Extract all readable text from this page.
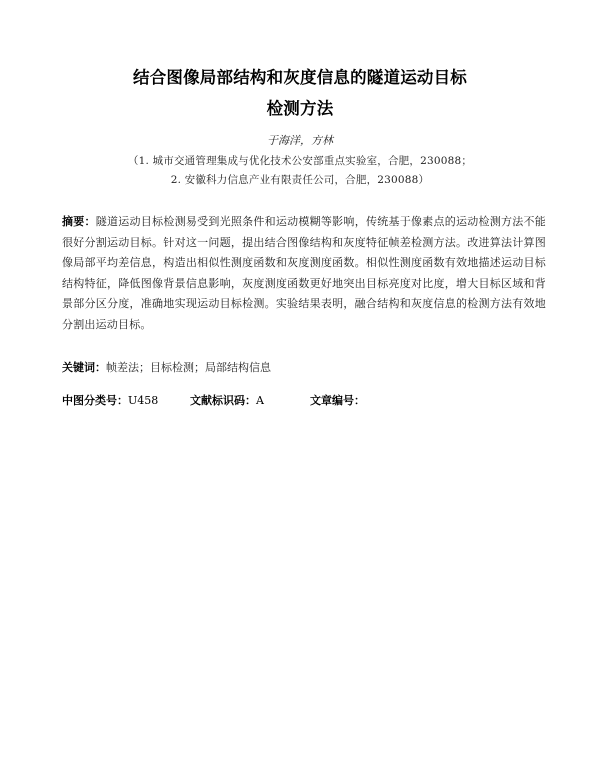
结合图像局部结构和灰度信息的隧道运动目标
检测方法
于海洋，方林
（1. 城市交通管理集成与优化技术公安部重点实验室，合肥，230088；
2. 安徽科力信息产业有限责任公司，合肥，230088）
摘要：隧道运动目标检测易受到光照条件和运动模糊等影响，传统基于像素点的运动检测方法不能很好分割运动目标。针对这一问题，提出结合图像结构和灰度特征帧差检测方法。改进算法计算图像局部平均差信息，构造出相似性测度函数和灰度测度函数。相似性测度函数有效地描述运动目标结构特征，降低图像背景信息影响，灰度测度函数更好地突出目标亮度对比度，增大目标区域和背景部分区分度，准确地实现运动目标检测。实验结果表明，融合结构和灰度信息的检测方法有效地分割出运动目标。
关键词：帧差法；目标检测；局部结构信息
中图分类号：U458	文献标识码：A	文章编号：
